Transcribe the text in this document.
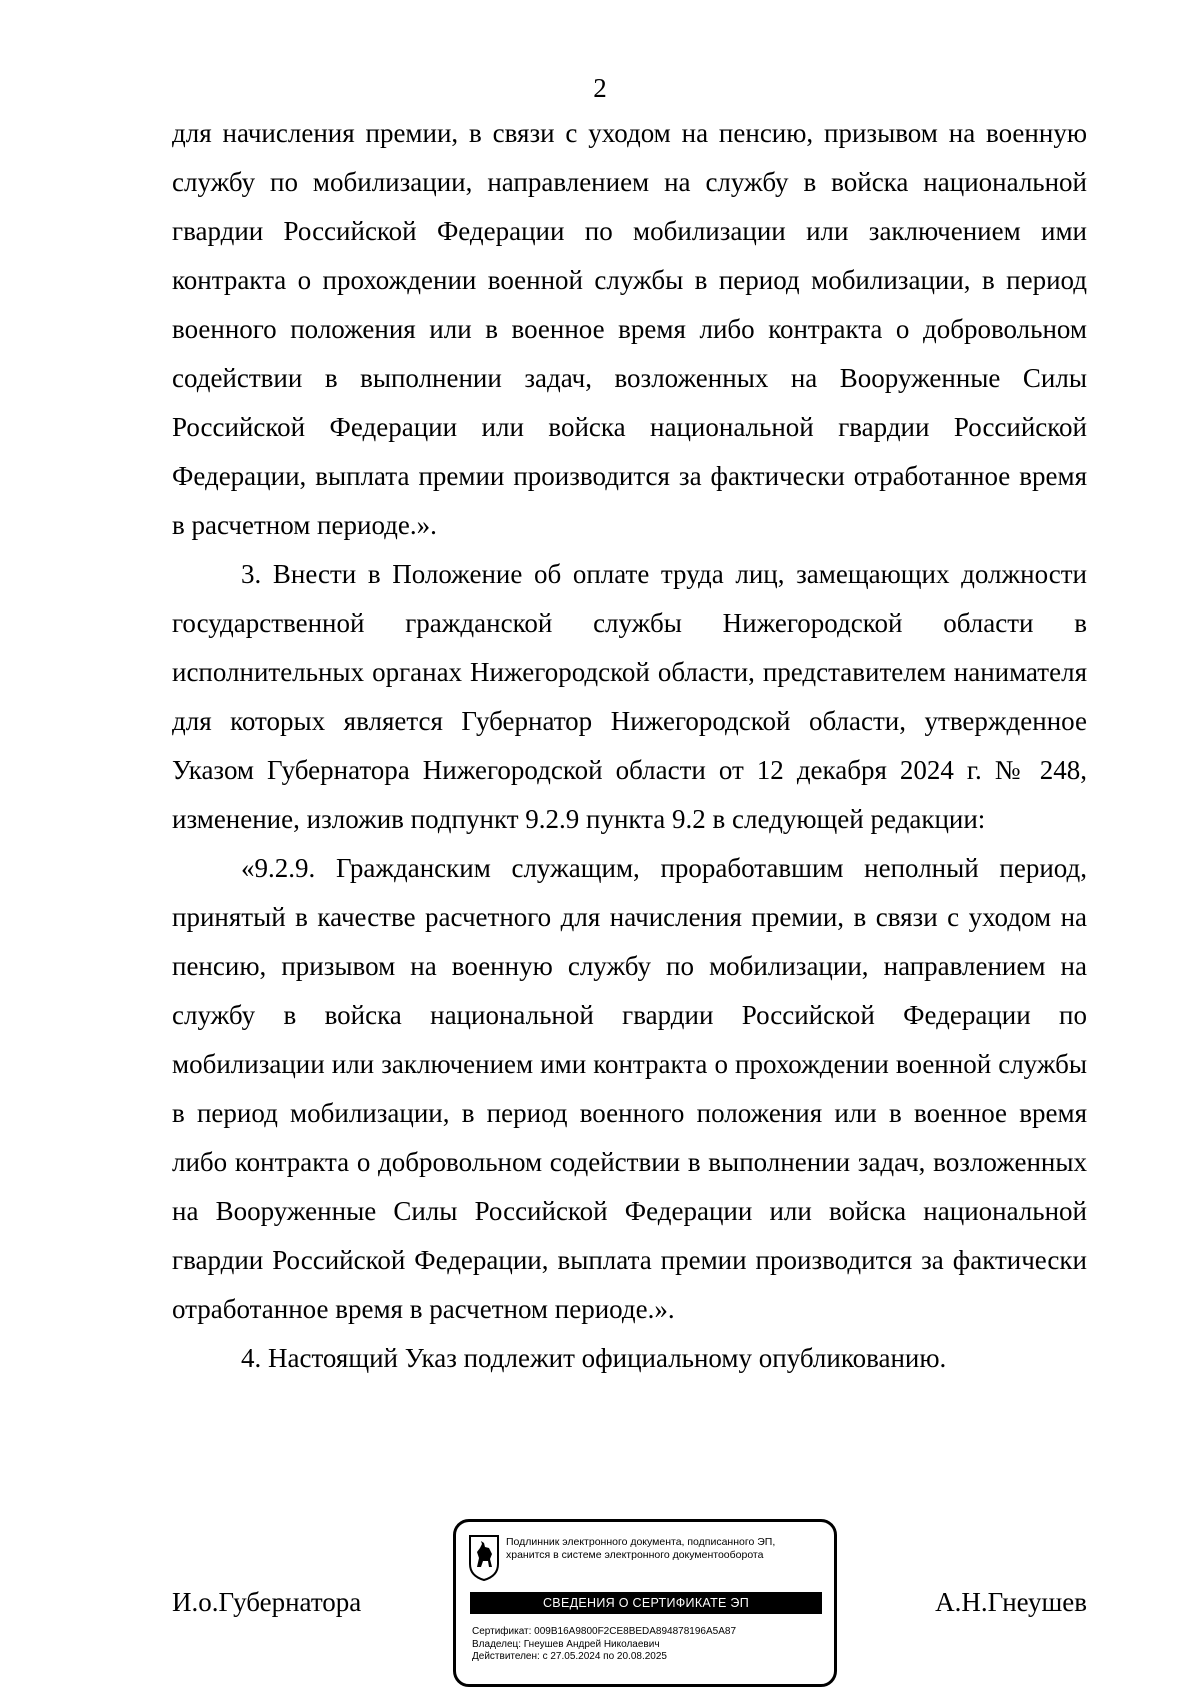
2

для начисления премии, в связи с уходом на пенсию, призывом на военную службу по мобилизации, направлением на службу в войска национальной гвардии Российской Федерации по мобилизации или заключением ими контракта о прохождении военной службы в период мобилизации, в период военного положения или в военное время либо контракта о добровольном содействии в выполнении задач, возложенных на Вооруженные Силы Российской Федерации или войска национальной гвардии Российской Федерации, выплата премии производится за фактически отработанное время в расчетном периоде.».

3. Внести в Положение об оплате труда лиц, замещающих должности государственной гражданской службы Нижегородской области в исполнительных органах Нижегородской области, представителем нанимателя для которых является Губернатор Нижегородской области, утвержденное Указом Губернатора Нижегородской области от 12 декабря 2024 г. № 248, изменение, изложив подпункт 9.2.9 пункта 9.2 в следующей редакции:

«9.2.9. Гражданским служащим, проработавшим неполный период, принятый в качестве расчетного для начисления премии, в связи с уходом на пенсию, призывом на военную службу по мобилизации, направлением на службу в войска национальной гвардии Российской Федерации по мобилизации или заключением ими контракта о прохождении военной службы в период мобилизации, в период военного положения или в военное время либо контракта о добровольном содействии в выполнении задач, возложенных на Вооруженные Силы Российской Федерации или войска национальной гвардии Российской Федерации, выплата премии производится за фактически отработанное время в расчетном периоде.».

4. Настоящий Указ подлежит официальному опубликованию.

И.о.Губернатора	А.Н.Гнеушев
Подлинник электронного документа, подписанного ЭП,
хранится в системе электронного документооборота
СВЕДЕНИЯ О СЕРТИФИКАТЕ ЭП
Сертификат: 009B16A9800F2CE8BEDA894878196A5A87
Владелец: Гнеушев Андрей Николаевич
Действителен: с 27.05.2024 по 20.08.2025
